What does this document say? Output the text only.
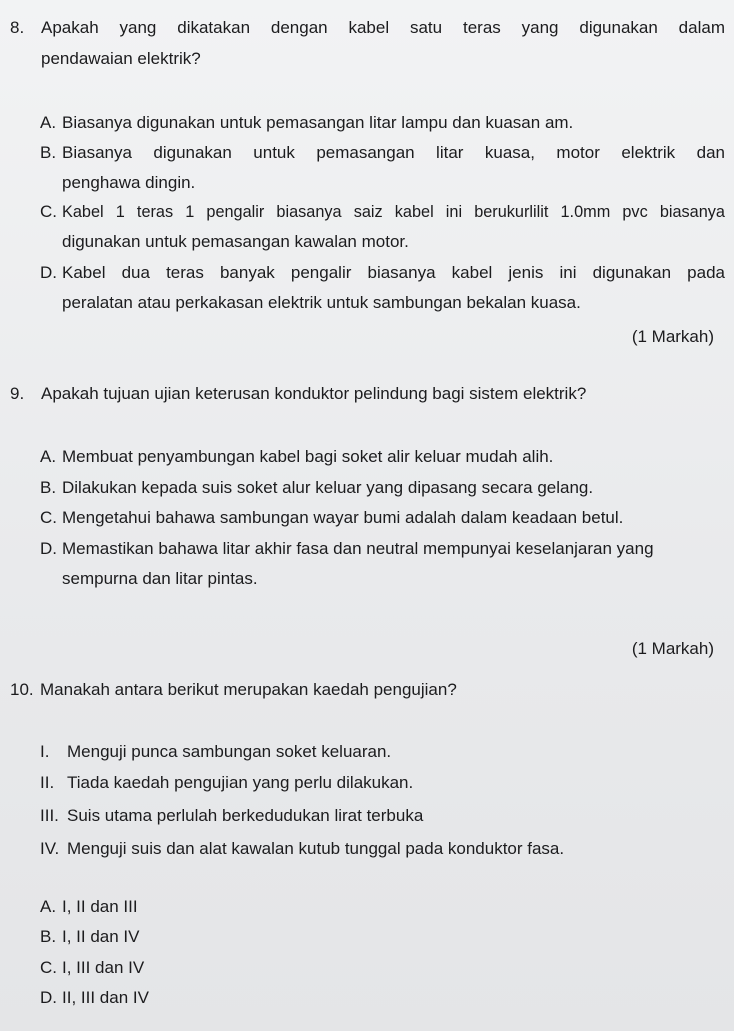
8. Apakah yang dikatakan dengan kabel satu teras yang digunakan dalam
pendawaian elektrik?
A. Biasanya digunakan untuk pemasangan litar lampu dan kuasan am.
B. Biasanya digunakan untuk pemasangan litar kuasa, motor elektrik dan
penghawa dingin.
C. Kabel 1 teras 1 pengalir biasanya saiz kabel ini berukurlilit 1.0mm pvc biasanya
digunakan untuk pemasangan kawalan motor.
D. Kabel dua teras banyak pengalir biasanya kabel jenis ini digunakan pada
peralatan atau perkakasan elektrik untuk sambungan bekalan kuasa.
(1 Markah)
9. Apakah tujuan ujian keterusan konduktor pelindung bagi sistem elektrik?
A. Membuat penyambungan kabel bagi soket alir keluar mudah alih.
B. Dilakukan kepada suis soket alur keluar yang dipasang secara gelang.
C. Mengetahui bahawa sambungan wayar bumi adalah dalam keadaan betul.
D. Memastikan bahawa litar akhir fasa dan neutral mempunyai keselanjaran yang
sempurna dan litar pintas.
(1 Markah)
10. Manakah antara berikut merupakan kaedah pengujian?
I. Menguji punca sambungan soket keluaran.
II. Tiada kaedah pengujian yang perlu dilakukan.
III. Suis utama perlulah berkedudukan lirat terbuka
IV. Menguji suis dan alat kawalan kutub tunggal pada konduktor fasa.
A. I, II dan III
B. I, II dan IV
C. I, III dan IV
D. II, III dan IV
